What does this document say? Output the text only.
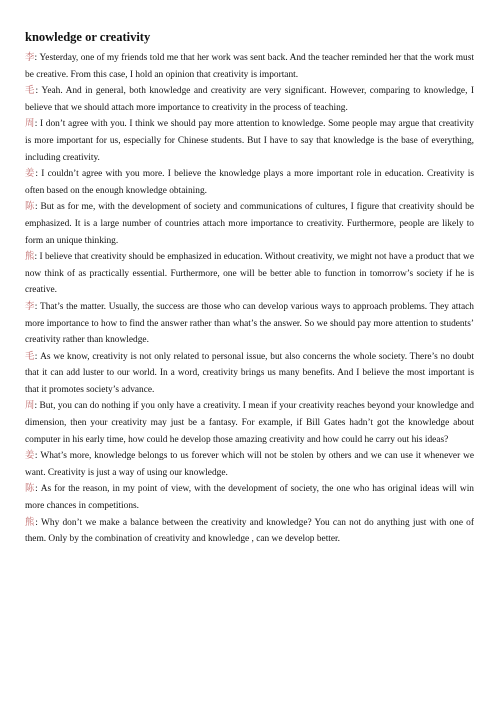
knowledge or creativity

李: Yesterday, one of my friends told me that her work was sent back. And the teacher reminded her that the work must be creative. From this case, I hold an opinion that creativity is important.

毛: Yeah. And in general, both knowledge and creativity are very significant. However, comparing to knowledge, I believe that we should attach more importance to creativity in the process of teaching.

周: I don’t agree with you. I think we should pay more attention to knowledge. Some people may argue that creativity is more important for us, especially for Chinese students. But I have to say that knowledge is the base of everything, including creativity.

姜: I couldn’t agree with you more. I believe the knowledge plays a more important role in education. Creativity is often based on the enough knowledge obtaining.

陈: But as for me, with the development of society and communications of cultures, I figure that creativity should be emphasized. It is a large number of countries attach more importance to creativity. Furthermore, people are likely to form an unique thinking.

熊: I believe that creativity should be emphasized in education. Without creativity, we might not have a product that we now think of as practically essential. Furthermore, one will be better able to function in tomorrow’s society if he is creative.

李: That’s the matter. Usually, the success are those who can develop various ways to approach problems. They attach more importance to how to find the answer rather than what’s the answer. So we should pay more attention to students’ creativity rather than knowledge.

毛: As we know, creativity is not only related to personal issue, but also concerns the whole society. There’s no doubt that it can add luster to our world. In a word, creativity brings us many benefits. And I believe the most important is that it promotes society’s advance.

周: But, you can do nothing if you only have a creativity. I mean if your creativity reaches beyond your knowledge and dimension, then your creativity may just be a fantasy. For example, if Bill Gates hadn’t got the knowledge about computer in his early time, how could he develop those amazing creativity and how could he carry out his ideas?

姜: What’s more, knowledge belongs to us forever which will not be stolen by others and we can use it whenever we want. Creativity is just a way of using our knowledge.

陈: As for the reason, in my point of view, with the development of society, the one who has original ideas will win more chances in competitions.

熊: Why don’t we make a balance between the creativity and knowledge? You can not do anything just with one of them. Only by the combination of creativity and knowledge , can we develop better.
